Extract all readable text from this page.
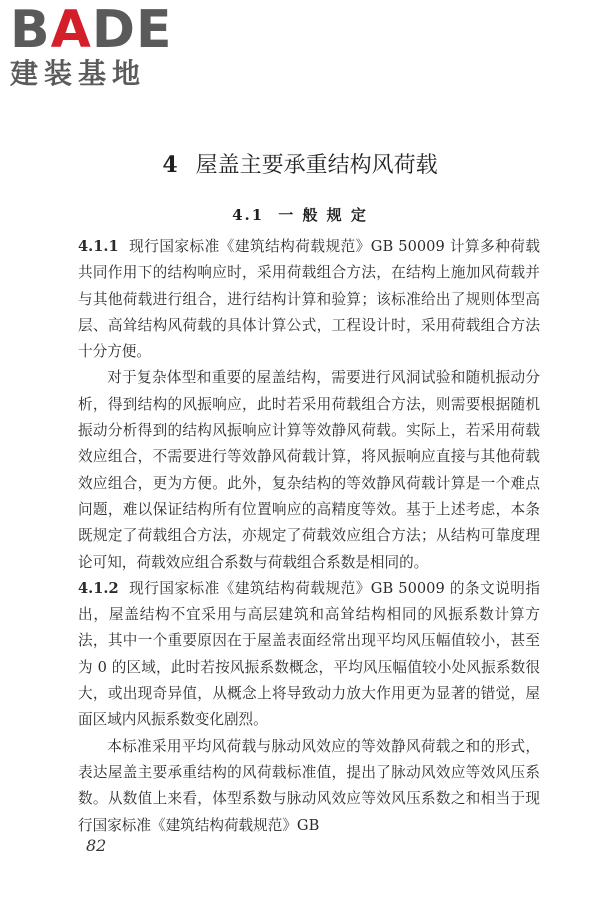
BADE
建装基地
4 屋盖主要承重结构风荷载
4.1 一 般 规 定

4.1.1 现行国家标准《建筑结构荷载规范》GB 50009 计算多种荷载共同作用下的结构响应时，采用荷载组合方法，在结构上施加风荷载并与其他荷载进行组合，进行结构计算和验算；该标准给出了规则体型高层、高耸结构风荷载的具体计算公式，工程设计时，采用荷载组合方法十分方便。

对于复杂体型和重要的屋盖结构，需要进行风洞试验和随机振动分析，得到结构的风振响应，此时若采用荷载组合方法，则需要根据随机振动分析得到的结构风振响应计算等效静风荷载。实际上，若采用荷载效应组合，不需要进行等效静风荷载计算，将风振响应直接与其他荷载效应组合，更为方便。此外，复杂结构的等效静风荷载计算是一个难点问题，难以保证结构所有位置响应的高精度等效。基于上述考虑，本条既规定了荷载组合方法，亦规定了荷载效应组合方法；从结构可靠度理论可知，荷载效应组合系数与荷载组合系数是相同的。

4.1.2 现行国家标准《建筑结构荷载规范》GB 50009 的条文说明指出，屋盖结构不宜采用与高层建筑和高耸结构相同的风振系数计算方法，其中一个重要原因在于屋盖表面经常出现平均风压幅值较小，甚至为 0 的区域，此时若按风振系数概念，平均风压幅值较小处风振系数很大，或出现奇异值，从概念上将导致动力放大作用更为显著的错觉，屋面区域内风振系数变化剧烈。

本标准采用平均风荷载与脉动风效应的等效静风荷载之和的形式，表达屋盖主要承重结构的风荷载标准值，提出了脉动风效应等效风压系数。从数值上来看，体型系数与脉动风效应等效风压系数之和相当于现行国家标准《建筑结构荷载规范》GB

82
